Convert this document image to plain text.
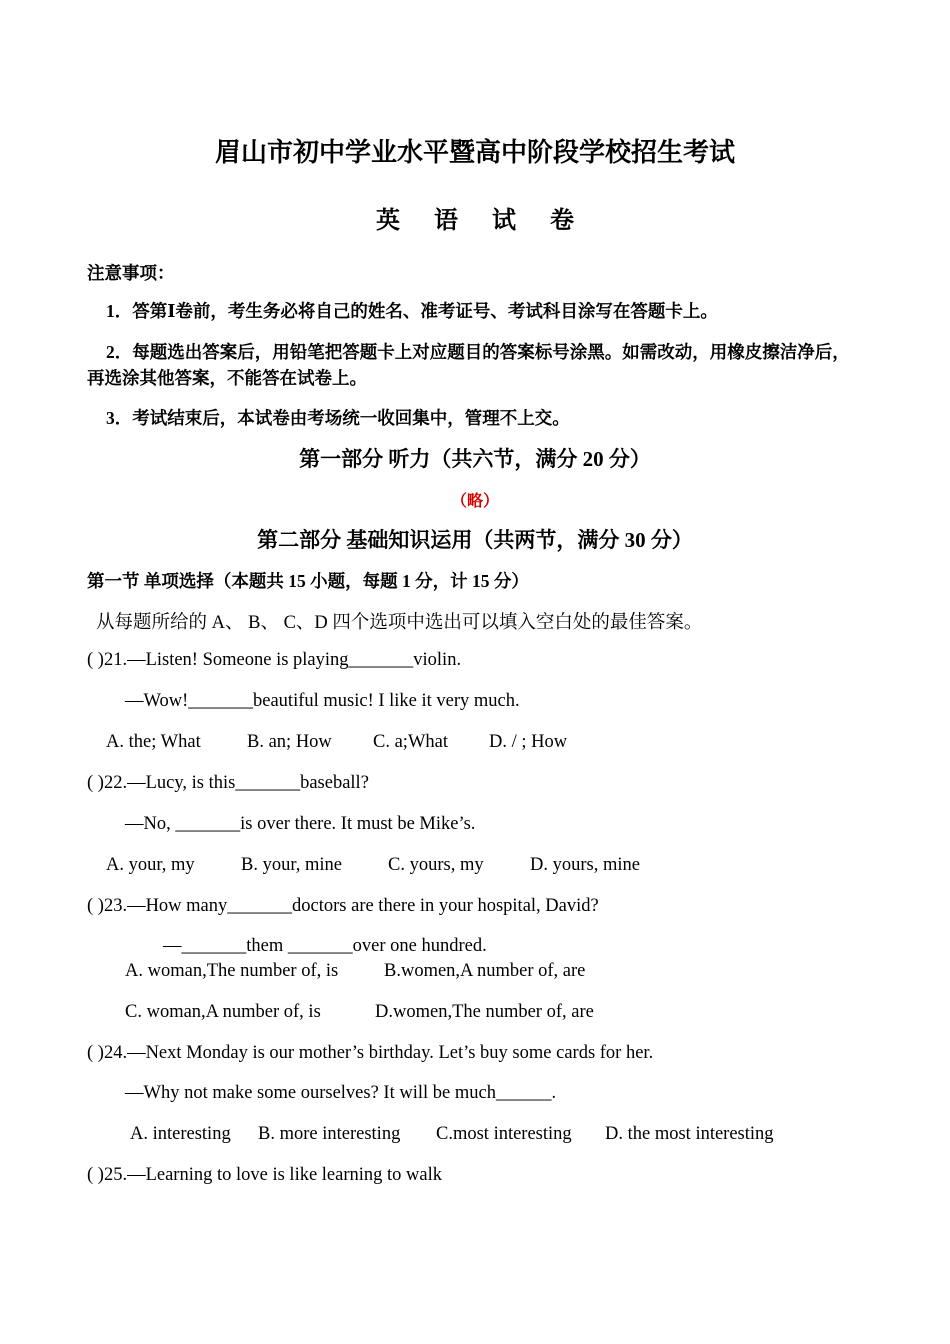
眉山市初中学业水平暨高中阶段学校招生考试
英 语 试 卷
注意事项：
1．答第Ⅰ卷前，考生务必将自己的姓名、准考证号、考试科目涂写在答题卡上。
2．每题选出答案后，用铅笔把答题卡上对应题目的答案标号涂黑。如需改动，用橡皮擦洁净后，再选涂其他答案，不能答在试卷上。
3．考试结束后，本试卷由考场统一收回集中，管理不上交。
第一部分 听力（共六节，满分 20 分）
（略）
第二部分 基础知识运用（共两节，满分 30 分）
第一节 单项选择（本题共 15 小题，每题 1 分，计 15 分）
从每题所给的 A、 B、 C、D 四个选项中选出可以填入空白处的最佳答案。
( )21.—Listen! Someone is playing_______violin.
—Wow!_______beautiful music! I like it very much.
A. the; What	B. an; How C. a;What D. / ; How
( )22.—Lucy, is this_______baseball?
—No, _______is over there. It must be Mike’s.
A. your, my	B. your, mine C. yours, my	D. yours, mine
( )23.—How many_______doctors are there in your hospital, David?
—_______them _______over one hundred.
A. woman,The number of, is B.women,A number of, are
C. woman,A number of, is	D.women,The number of, are
( )24.—Next Monday is our mother’s birthday. Let’s buy some cards for her.
—Why not make some ourselves? It will be much______.
A. interesting B. more interesting C.most interesting D. the most interesting
( )25.—Learning to love is like learning to walk
